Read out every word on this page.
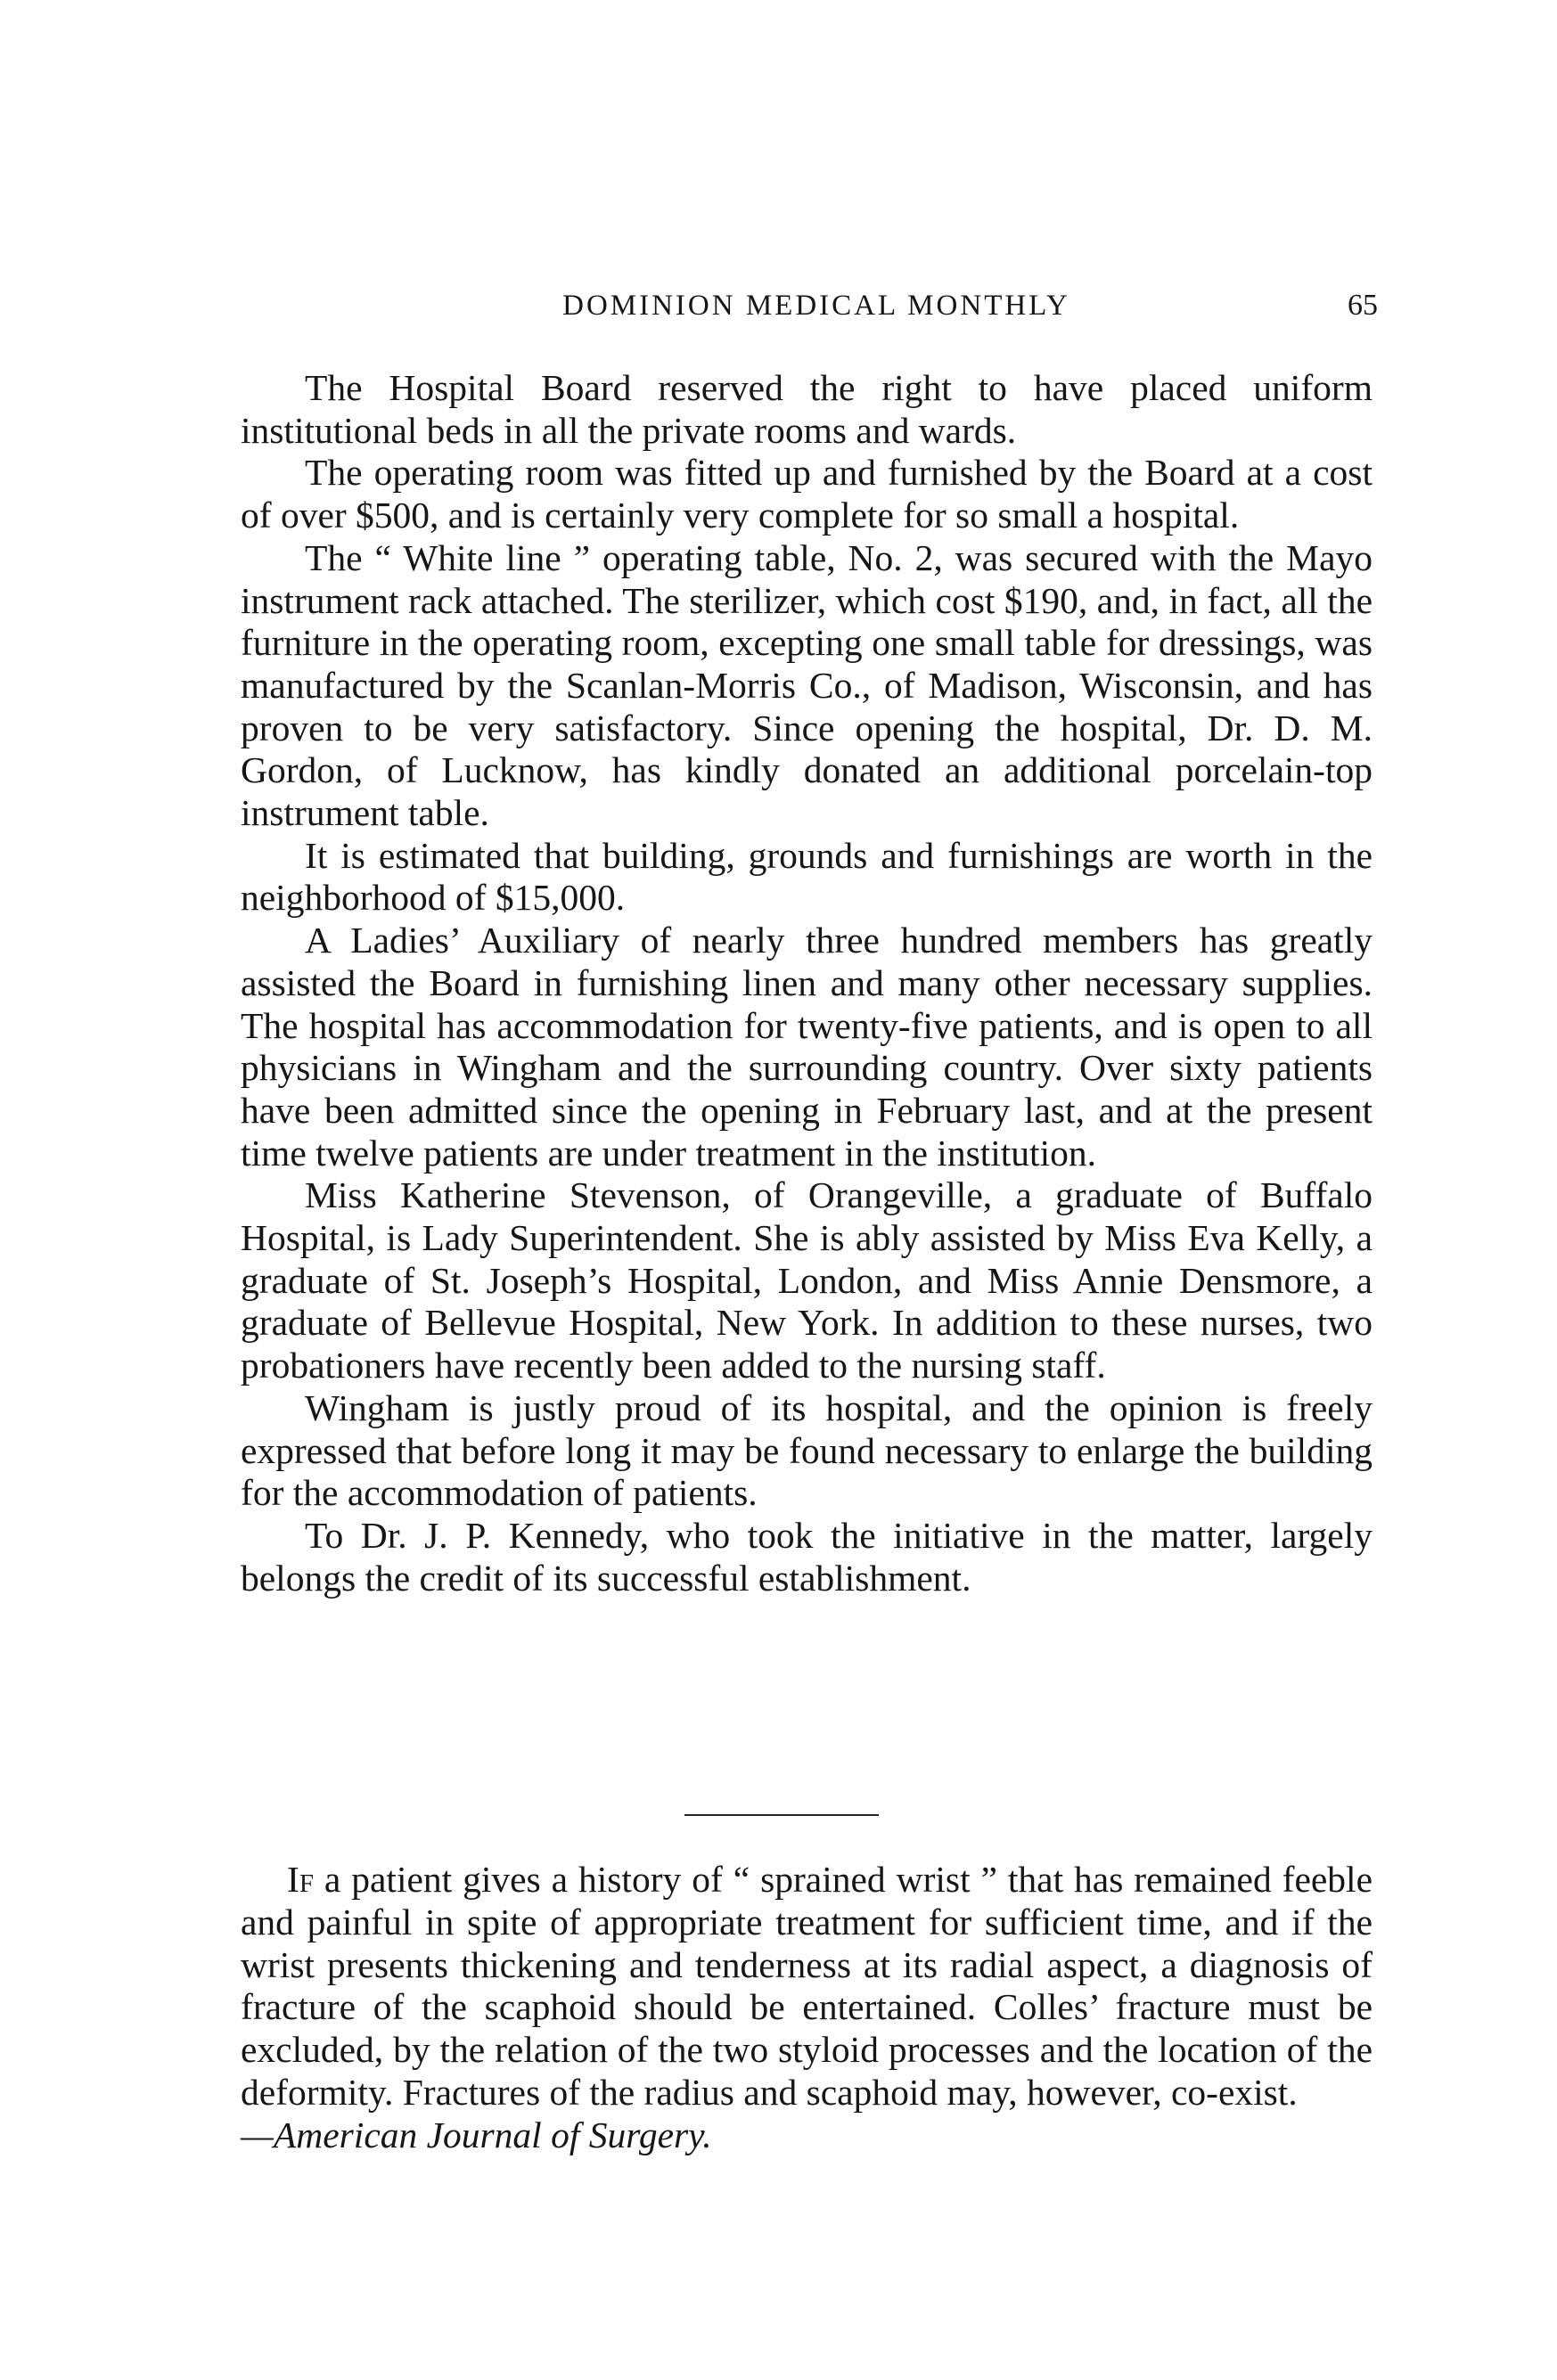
DOMINION MEDICAL MONTHLY	65

The Hospital Board reserved the right to have placed uniform institutional beds in all the private rooms and wards.

The operating room was fitted up and furnished by the Board at a cost of over $500, and is certainly very complete for so small a hospital.

The “ White line ” operating table, No. 2, was secured with the Mayo instrument rack attached. The sterilizer, which cost $190, and, in fact, all the furniture in the operating room, excepting one small table for dressings, was manufactured by the Scanlan-Morris Co., of Madison, Wisconsin, and has proven to be very satisfactory. Since opening the hospital, Dr. D. M. Gordon, of Lucknow, has kindly donated an additional porcelain-top instrument table.

It is estimated that building, grounds and furnishings are worth in the neighborhood of $15,000.

A Ladies’ Auxiliary of nearly three hundred members has greatly assisted the Board in furnishing linen and many other necessary supplies. The hospital has accommodation for twenty-five patients, and is open to all physicians in Wingham and the surrounding country. Over sixty patients have been admitted since the opening in February last, and at the present time twelve patients are under treatment in the institution.

Miss Katherine Stevenson, of Orangeville, a graduate of Buffalo Hospital, is Lady Superintendent. She is ably assisted by Miss Eva Kelly, a graduate of St. Joseph’s Hospital, London, and Miss Annie Densmore, a graduate of Bellevue Hospital, New York. In addition to these nurses, two probationers have recently been added to the nursing staff.

Wingham is justly proud of its hospital, and the opinion is freely expressed that before long it may be found necessary to enlarge the building for the accommodation of patients.

To Dr. J. P. Kennedy, who took the initiative in the matter, largely belongs the credit of its successful establishment.

If a patient gives a history of “ sprained wrist ” that has remained feeble and painful in spite of appropriate treatment for sufficient time, and if the wrist presents thickening and tenderness at its radial aspect, a diagnosis of fracture of the scaphoid should be entertained. Colles’ fracture must be excluded, by the relation of the two styloid processes and the location of the deformity. Fractures of the radius and scaphoid may, however, co-exist.
—American Journal of Surgery.
